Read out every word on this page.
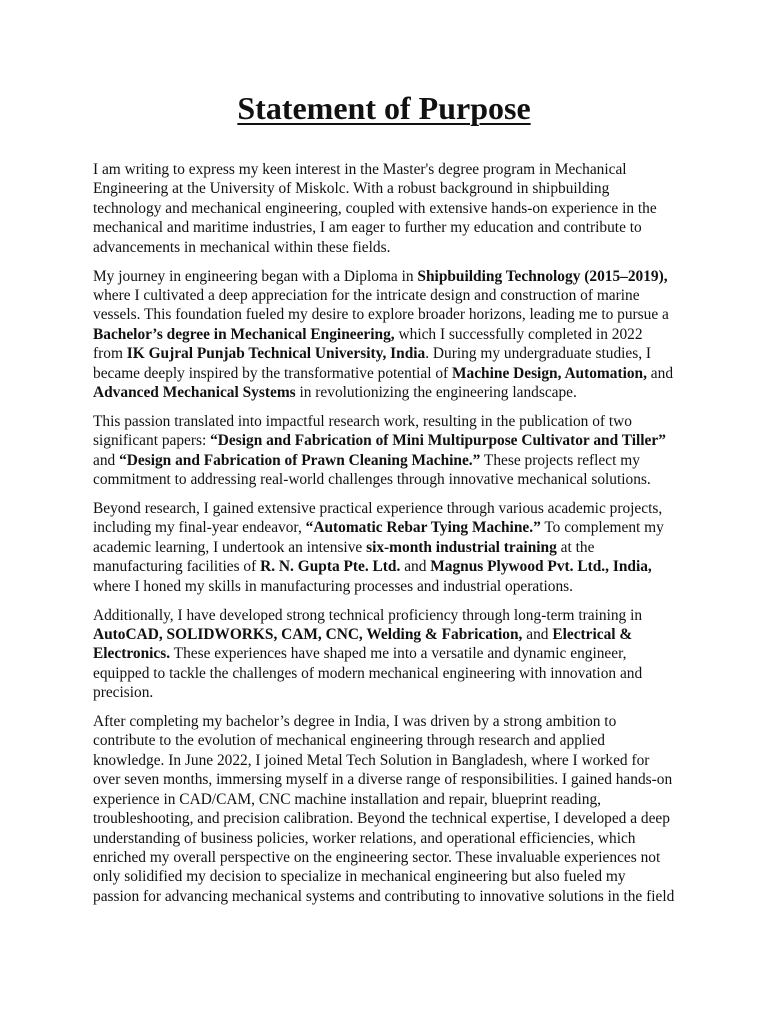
Statement of Purpose

I am writing to express my keen interest in the Master's degree program in Mechanical Engineering at the University of Miskolc. With a robust background in shipbuilding technology and mechanical engineering, coupled with extensive hands-on experience in the mechanical and maritime industries, I am eager to further my education and contribute to advancements in mechanical within these fields.

My journey in engineering began with a Diploma in Shipbuilding Technology (2015–2019), where I cultivated a deep appreciation for the intricate design and construction of marine vessels. This foundation fueled my desire to explore broader horizons, leading me to pursue a Bachelor’s degree in Mechanical Engineering, which I successfully completed in 2022 from IK Gujral Punjab Technical University, India. During my undergraduate studies, I became deeply inspired by the transformative potential of Machine Design, Automation, and Advanced Mechanical Systems in revolutionizing the engineering landscape.

This passion translated into impactful research work, resulting in the publication of two significant papers: “Design and Fabrication of Mini Multipurpose Cultivator and Tiller” and “Design and Fabrication of Prawn Cleaning Machine.” These projects reflect my commitment to addressing real-world challenges through innovative mechanical solutions.

Beyond research, I gained extensive practical experience through various academic projects, including my final-year endeavor, “Automatic Rebar Tying Machine.” To complement my academic learning, I undertook an intensive six-month industrial training at the manufacturing facilities of R. N. Gupta Pte. Ltd. and Magnus Plywood Pvt. Ltd., India, where I honed my skills in manufacturing processes and industrial operations.

Additionally, I have developed strong technical proficiency through long-term training in AutoCAD, SOLIDWORKS, CAM, CNC, Welding & Fabrication, and Electrical & Electronics. These experiences have shaped me into a versatile and dynamic engineer, equipped to tackle the challenges of modern mechanical engineering with innovation and precision.

After completing my bachelor’s degree in India, I was driven by a strong ambition to contribute to the evolution of mechanical engineering through research and applied knowledge. In June 2022, I joined Metal Tech Solution in Bangladesh, where I worked for over seven months, immersing myself in a diverse range of responsibilities. I gained hands-on experience in CAD/CAM, CNC machine installation and repair, blueprint reading, troubleshooting, and precision calibration. Beyond the technical expertise, I developed a deep understanding of business policies, worker relations, and operational efficiencies, which enriched my overall perspective on the engineering sector. These invaluable experiences not only solidified my decision to specialize in mechanical engineering but also fueled my passion for advancing mechanical systems and contributing to innovative solutions in the field
